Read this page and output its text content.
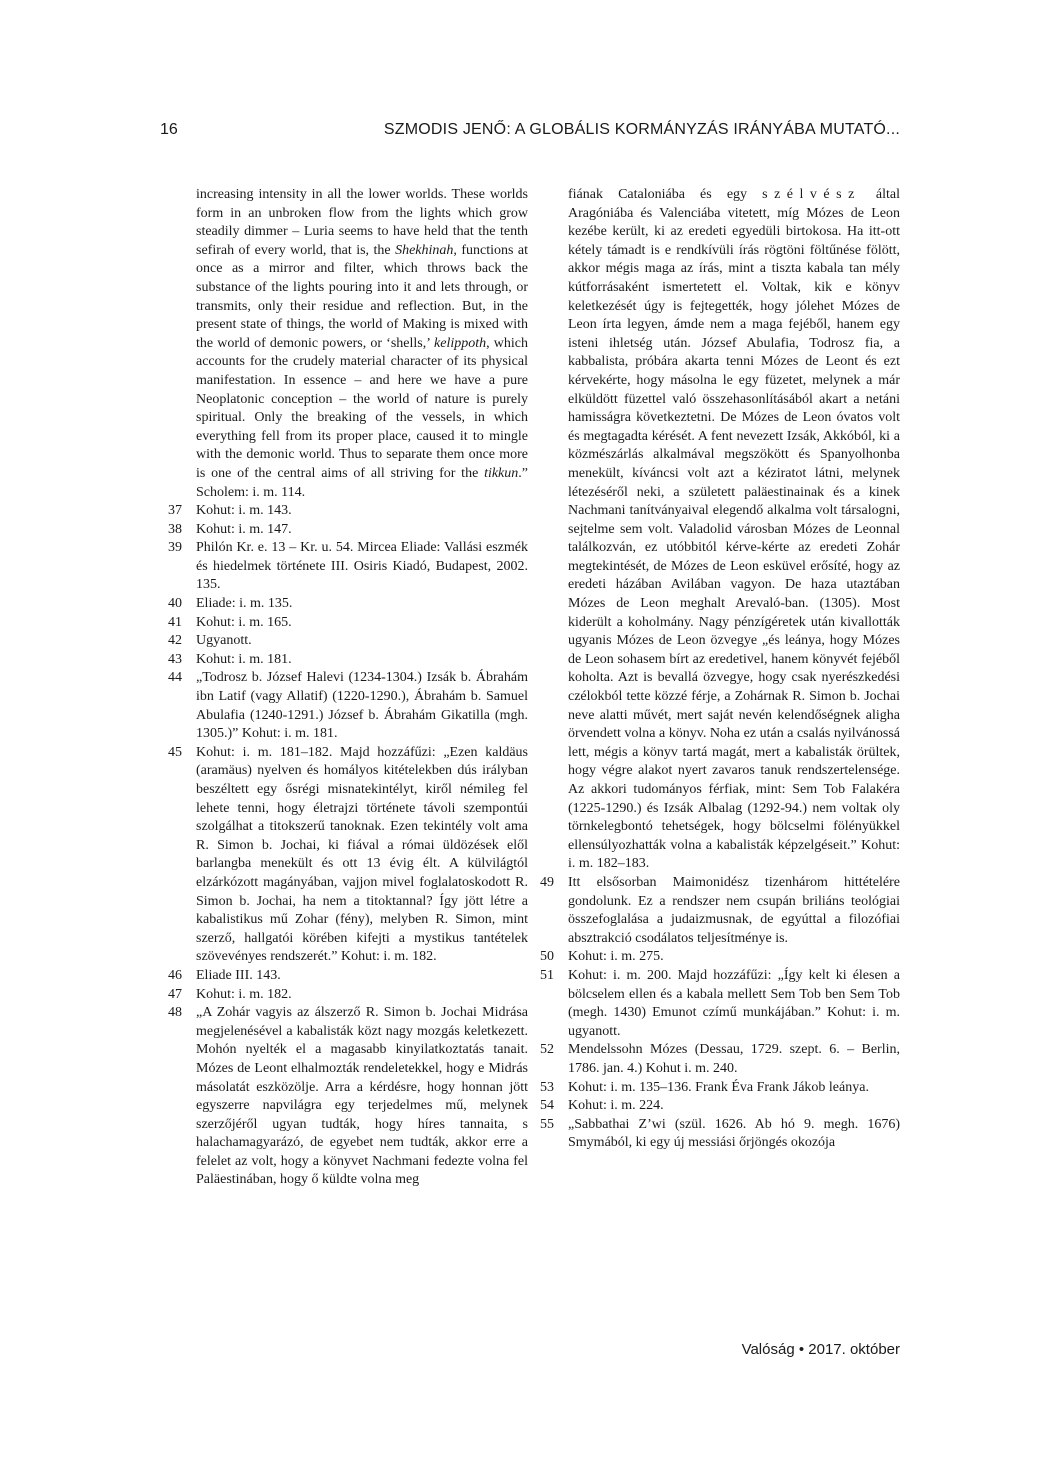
16	SZMODIS JENŐ: A GLOBÁLIS KORMÁNYZÁS IRÁNYÁBA MUTATÓ...

increasing intensity in all the lower worlds. These worlds form in an unbroken flow from the lights which grow steadily dimmer – Luria seems to have held that the tenth sefirah of every world, that is, the Shekhinah, functions at once as a mirror and filter, which throws back the substance of the lights pouring into it and lets through, or transmits, only their residue and reflection. But, in the present state of things, the world of Making is mixed with the world of demonic powers, or ‘shells,’ kelippoth, which accounts for the crudely material character of its physical manifestation. In essence – and here we have a pure Neoplatonic conception – the world of nature is purely spiritual. Only the breaking of the vessels, in which everything fell from its proper place, caused it to mingle with the demonic world. Thus to separate them once more is one of the central aims of all striving for the tikkun.” Scholem: i. m. 114.

37 Kohut: i. m. 143.
38 Kohut: i. m. 147.
39 Philón Kr. e. 13 – Kr. u. 54. Mircea Eliade: Vallási eszmék és hiedelmek története III. Osiris Kiadó, Budapest, 2002. 135.
40 Eliade: i. m. 135.
41 Kohut: i. m. 165.
42 Ugyanott.
43 Kohut: i. m. 181.
44 „Todrosz b. József Halevi (1234-1304.) Izsák b. Ábrahám ibn Latif (vagy Allatif) (1220-1290.), Ábrahám b. Samuel Abulafia (1240-1291.) József b. Ábrahám Gikatilla (mgh. 1305.)” Kohut: i. m. 181.
45 Kohut: i. m. 181–182. Majd hozzáfűzi: „Ezen kaldäus (aramäus) nyelven és homályos kitételekben dús irályban beszéltett egy ősrégi misnatekintélyt, kiről némileg fel lehete tenni, hogy életrajzi története távoli szempontúi szolgálhat a titokszerű tanoknak. Ezen tekintély volt ama R. Simon b. Jochai, ki fiával a római üldözések elől barlangba menekült és ott 13 évig élt. A külvilágtól elzárkózott magányában, vajjon mivel foglalatoskodott R. Simon b. Jochai, ha nem a titoktannal? Így jött létre a kabalistikus mű Zohar (fény), melyben R. Simon, mint szerző, hallgatói körében kifejti a mystikus tantételek szövevényes rendszerét.” Kohut: i. m. 182.
46 Eliade III. 143.
47 Kohut: i. m. 182.
48 „A Zohár vagyis az álszerző R. Simon b. Jochai Midrása megjelenésével a kabalisták közt nagy mozgás keletkezett. Mohón nyelték el a magasabb kinyilatkoztatás tanait. Mózes de Leont elhalmozták rendeletekkel, hogy e Midrás másolatát eszközölje. Arra a kérdésre, hogy honnan jött egyszerre napvilágra egy terjedelmes mű, melynek szerzőjéről ugyan tudták, hogy híres tannaita, s halachamagyarázó, de egyebet nem tudták, akkor erre a felelet az volt, hogy a könyvet Nachmani fedezte volna fel Paläestinában, hogy ő küldte volna meg

fiának Cataloniába és egy szélvész által Aragóniába és Valenciába vitetett, míg Mózes de Leon kezébe került, ki az eredeti egyedüli birtokosa. Ha itt-ott kétely támadt is e rendkívüli írás rögtöni föltűnése fölött, akkor mégis maga az írás, mint a tiszta kabala tan mély kútforrásaként ismertetett el. Voltak, kik e könyv keletkezését úgy is fejtegették, hogy jólehet Mózes de Leon írta legyen, ámde nem a maga fejéből, hanem egy isteni ihletség után. József Abulafia, Todrosz fia, a kabbalista, próbára akarta tenni Mózes de Leont és ezt kérvekérte, hogy másolna le egy füzetet, melynek a már elküldött füzettel való összehasonlításából akart a netáni hamisságra következtetni. De Mózes de Leon óvatos volt és megtagadta kérését. A fent nevezett Izsák, Akkóból, ki a közmészárlás alkalmával megszökött és Spanyolhonba menekült, kíváncsi volt azt a kéziratot látni, melynek létezéséről neki, a született paläestinainak és a kinek Nachmani tanítványaival elegendő alkalma volt társalogni, sejtelme sem volt. Valadolid városban Mózes de Leonnal találkozván, ez utóbbitól kérve-kérte az eredeti Zohár megtekintését, de Mózes de Leon esküvel erősíté, hogy az eredeti házában Avilában vagyon. De haza utaztában Mózes de Leon meghalt Arevaló-ban. (1305). Most kiderült a koholmány. Nagy pénzígéretek után kivallották ugyanis Mózes de Leon özvegye „és leánya, hogy Mózes de Leon sohasem bírt az eredetivel, hanem könyvét fejéből koholta. Azt is bevallá özvegye, hogy csak nyerészkedési czélokból tette közzé férje, a Zohárnak R. Simon b. Jochai neve alatti művét, mert saját nevén kelendőségnek aligha örvendett volna a könyv. Noha ez után a csalás nyilvánossá lett, mégis a könyv tartá magát, mert a kabalisták örültek, hogy végre alakot nyert zavaros tanuk rendszertelensége. Az akkori tudományos férfiak, mint: Sem Tob Falakéra (1225-1290.) és Izsák Albalag (1292-94.) nem voltak oly törnkelegbontó tehetségek, hogy bölcselmi fölényükkel ellensúlyozhatták volna a kabalisták képzelgéseit.” Kohut: i. m. 182–183.

49 Itt elsősorban Maimonidész tizenhárom hittételére gondolunk. Ez a rendszer nem csupán briliáns teológiai összefoglalása a judaizmusnak, de egyúttal a filozófiai absztrakció csodálatos teljesítménye is.
50 Kohut: i. m. 275.
51 Kohut: i. m. 200. Majd hozzáfűzi: „Így kelt ki élesen a bölcselem ellen és a kabala mellett Sem Tob ben Sem Tob (megh. 1430) Emunot czímű munkájában.” Kohut: i. m. ugyanott.
52 Mendelssohn Mózes (Dessau, 1729. szept. 6. – Berlin, 1786. jan. 4.) Kohut i. m. 240.
53 Kohut: i. m. 135–136. Frank Éva Frank Jákob leánya.
54 Kohut: i. m. 224.
55 „Sabbathai Z’wi (szül. 1626. Ab hó 9. megh. 1676) Smymából, ki egy új messiási őrjöngés okozója
Valóság • 2017. október
